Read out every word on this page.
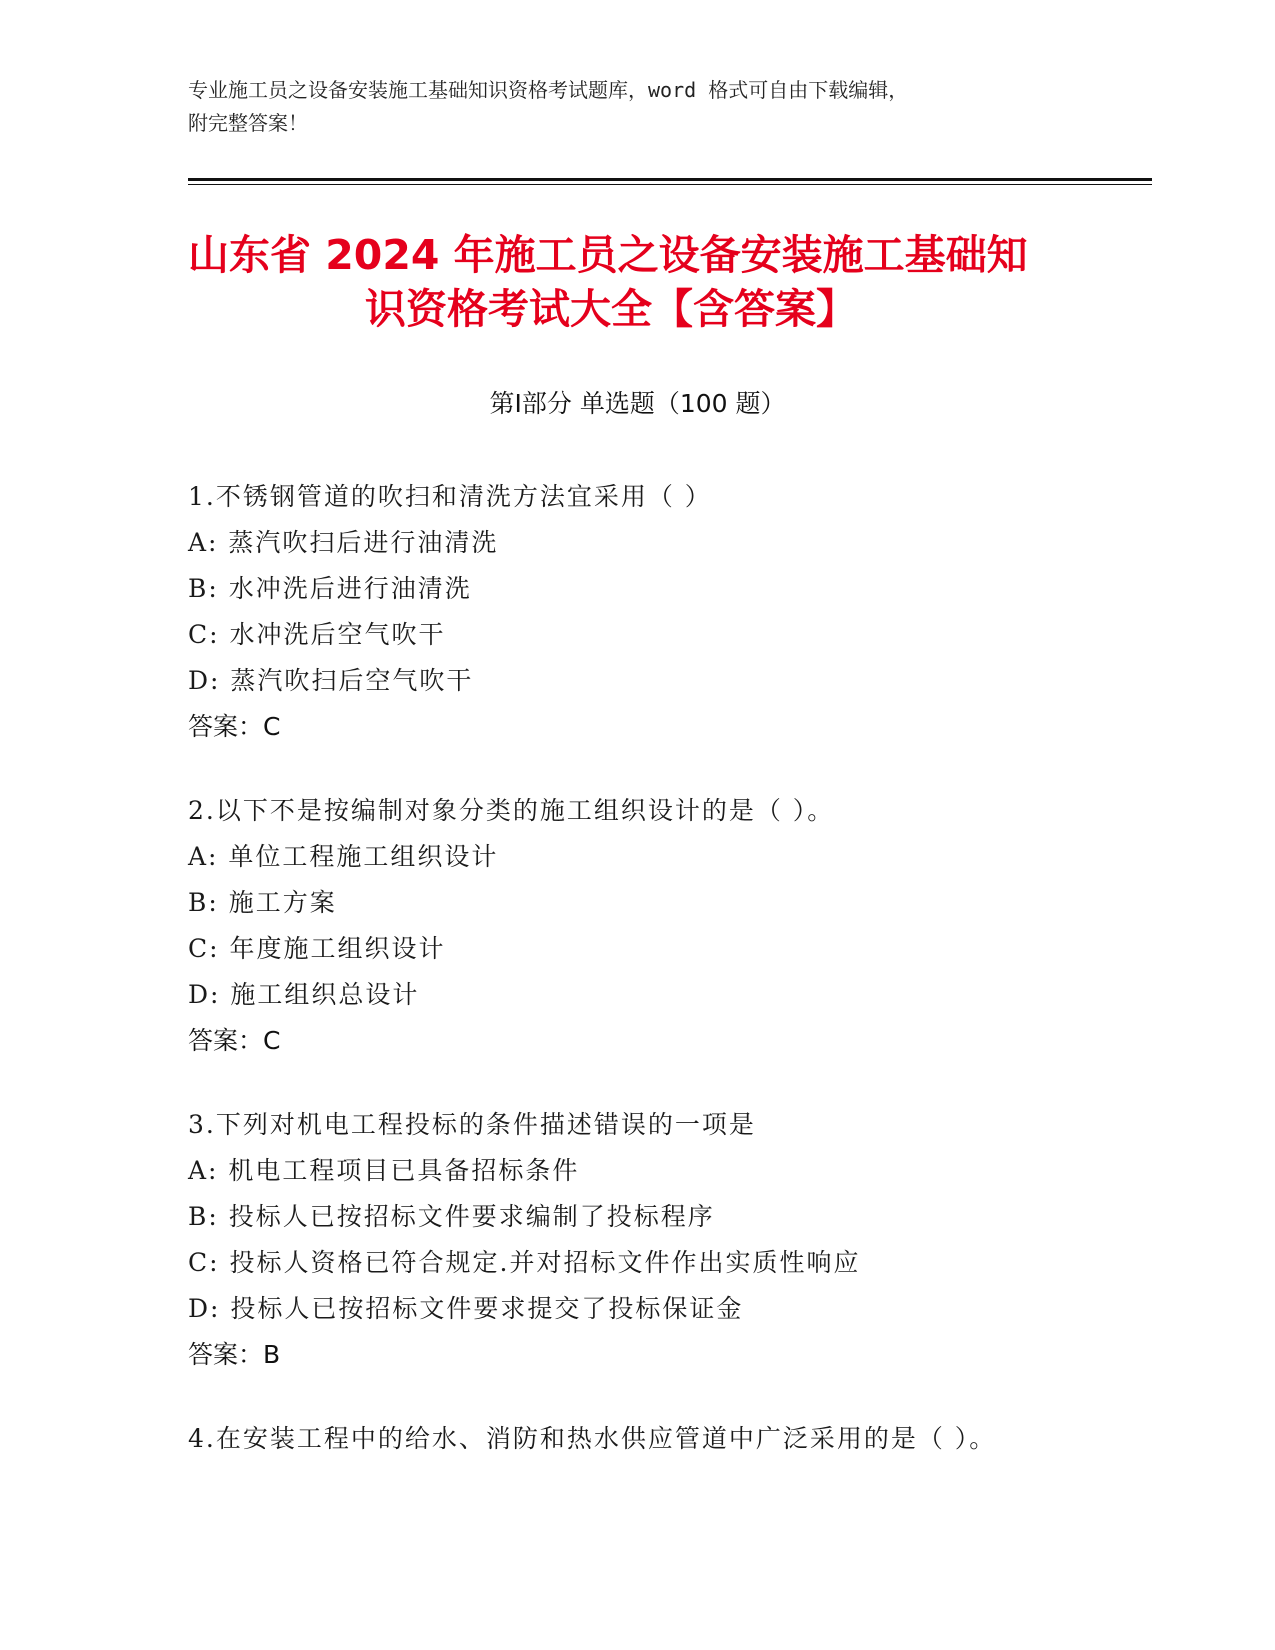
专业施工员之设备安装施工基础知识资格考试题库，word 格式可自由下载编辑，
附完整答案！
山东省 2024 年施工员之设备安装施工基础知
识资格考试大全【含答案】
第Ⅰ部分 单选题（100 题）
1.不锈钢管道的吹扫和清洗方法宜采用（ ）
A: 蒸汽吹扫后进行油清洗
B: 水冲洗后进行油清洗
C: 水冲洗后空气吹干
D: 蒸汽吹扫后空气吹干
答案：C
2.以下不是按编制对象分类的施工组织设计的是（ ）。
A: 单位工程施工组织设计
B: 施工方案
C: 年度施工组织设计
D: 施工组织总设计
答案：C
3.下列对机电工程投标的条件描述错误的一项是
A: 机电工程项目已具备招标条件
B: 投标人已按招标文件要求编制了投标程序
C: 投标人资格已符合规定.并对招标文件作出实质性响应
D: 投标人已按招标文件要求提交了投标保证金
答案：B
4.在安装工程中的给水、消防和热水供应管道中广泛采用的是（ ）。
